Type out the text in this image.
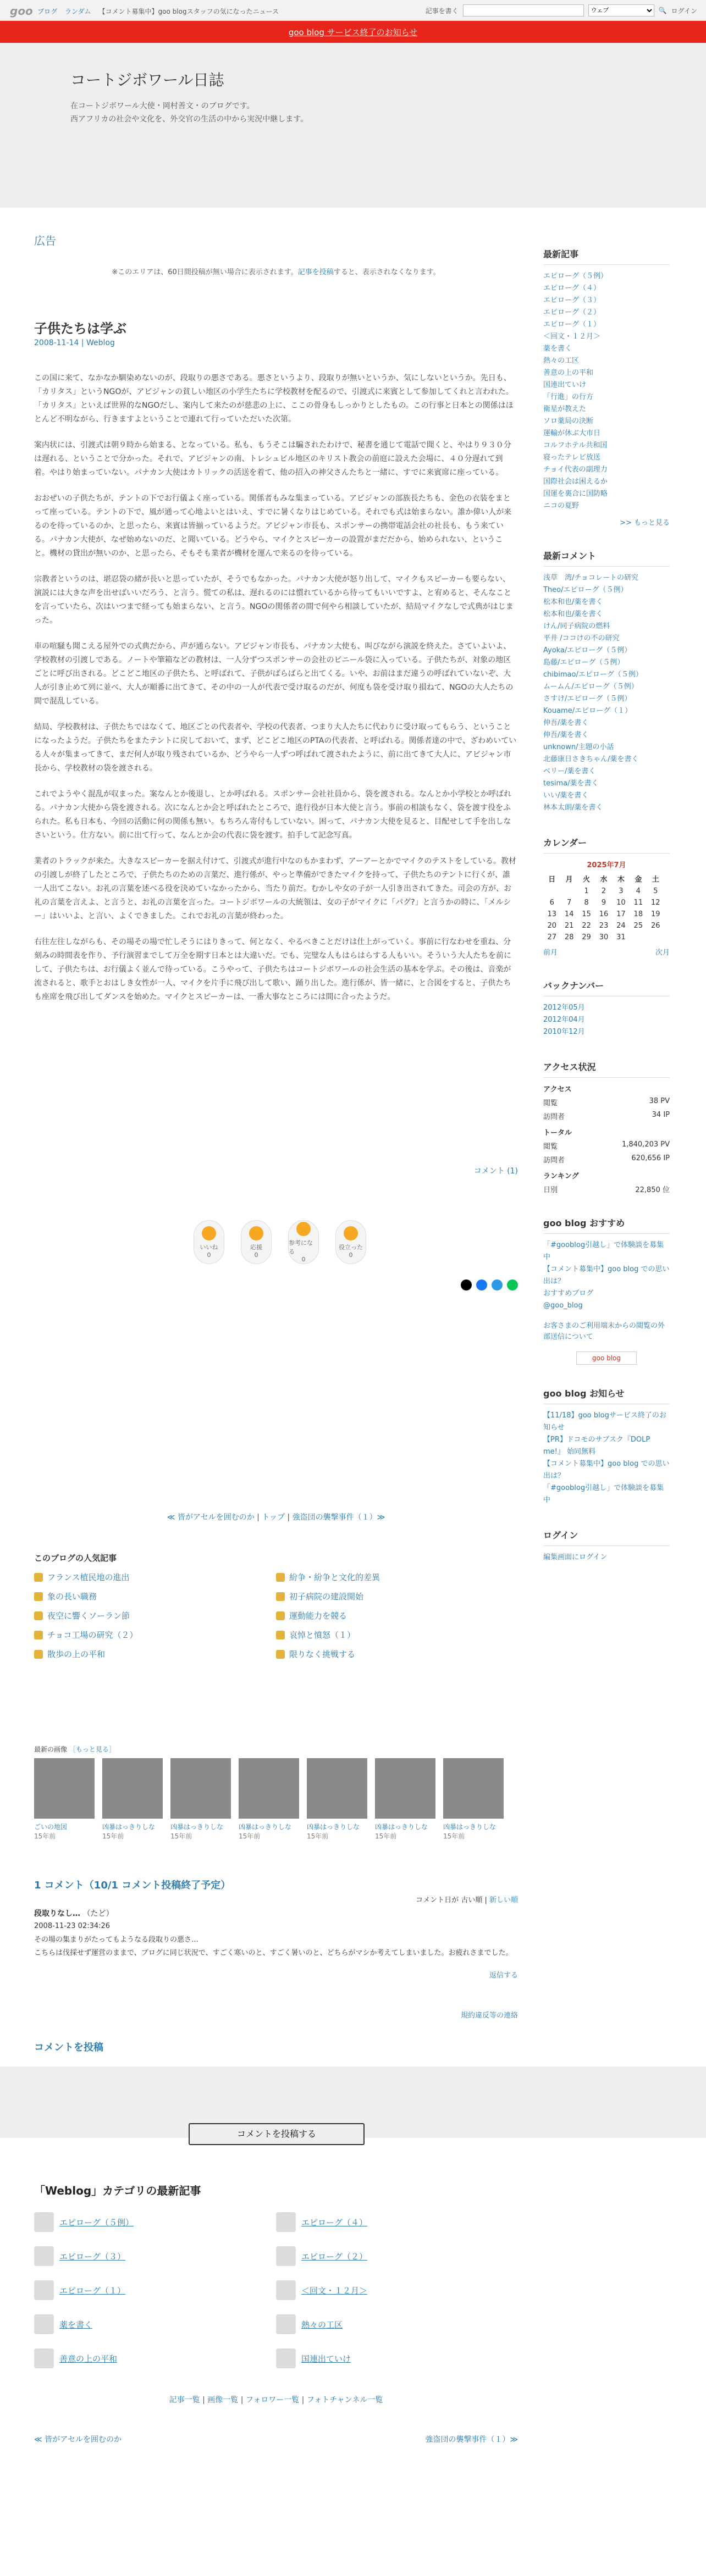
goo ブログ ランダム 【コメント募集中】goo blogスタッフの気になったニュース	記事を書く
ウェブ	🔍 ログイン
goo blog サービス終了のお知らせ
コートジボワール日誌

在コートジボワール大使・岡村善文・のブログです。

西アフリカの社会や文化を、外交官の生活の中から実況中継します。

広告
※このエリアは、60日間投稿が無い場合に表示されます。記事を投稿すると、表示されなくなります。
子供たちは学ぶ
2008-11-14 | Weblog

この国に来て、なかなか馴染めないのが、段取りの悪さである。悪さというより、段取りが無いというか、気にしないというか。先日も、「カリタス」というNGOが、アビジャンの貧しい地区の小学生たちに学校教材を配るので、引渡式に来賓として参加してくれと言われた。「カリタス」といえば世界的なNGOだし、案内して来たのが慈悲の上に、ここの骨身もしっかりとしたもの。この行事と日本との関係はほとんど不明ながら、行きますよということで連れて行っていただいた次第。

案内状には、引渡式は朝９時から始まる、となっている。私も、もうそこは騙されたわけで、秘書を通じて電話で聞くと、やはり９３０分は遅れる、ということで分かった。それで、アビジャンの南、トレシュビル地区のキリスト教会の前庭に設えた会場に、４０分遅れて到着。やはり始まっていない。パナカン大使はカトリックの活送を着て、他の招入の神父さんたちと一緒に、すでに来賓席に座っている。

おおぜいの子供たちが、テントの下でお行儀よく座っている。関係者もみな集まっている。アビジャンの部族長たちも、金色の衣装をまとって座っている。テントの下で、風が通って心地よいとはいえ、すでに暑くなりはじめている。それでも式は始まらない。誰か偉い人が来るのを待っているのか、と思ったら、来賓は皆揃っているようだ。アビジャン市長も、スポンサーの携帯電話会社の社長も、もう来ている。パナカン大使が、なぜ始めないのだ、と聞いている。どうやら、マイクとスピーカーの設置がまだだから、始められない、ということ。機材の貸出が無いのか、と思ったら、そもそも業者が機材を運んで来るのを待っている。

宗教者というのは、堪忍袋の緒が長いと思っていたが、そうでもなかった。パナカン大使が怒り出して、マイクもスピーカーも要らない、演説には大きな声を出せばいいだろう、と言う。慌ての私は、遅れるのには慣れているから待ってもいいですよ、と宥めると、そんなことを言っていたら、次はいつまで経っても始まらない、と言う。NGOの関係者の間で何やら相談していたが、結局マイクなしで式典がはじまった。

車の喧騒も聞こえる屋外での式典だから、声が通らない。アビジャン市長も、パナカン大使も、叫びながら演説を終えた。さていよいよ、学校教材の引渡しである。ノートや筆箱などの教材は、一人分ずつスポンサーの会社のビニール袋に入っている。子供たちが、対象の地区ごとに呼び出される。どこどこ地区の子供たち、と呼ばれて、子供がばらばらと出てくる。いや、お前はまだ違うの呼ばれていないぞ、大人が引き止めて列に並べ、大人が順番に出てきて、その中の一人が代表で受け取るのだが、何度も袋を受け取り損ねて、NGOの大人たちの間で混乱している。

結局、学校教材は、子供たちではなくて、地区ごとの代表者や、学校の代表者、つまり大人たちに代わりに受け取ってもらう、ということになったようだ。子供たちをまたテントに戻しておいて、まず、どこどこ地区のPTAの代表者、と呼ばれる。関係者達の中で、ざわめいている人々が集まってきて、まだ何人が取り残されているか、どうやら一人ずつ呼ばれて渡されたように、前に出てきて大人に、アビジャン市長から、学校教材の袋を渡される。

これでようやく混乱が収まった。案なんとか後退し、とか呼ばれる。スポンサー会社社員から、袋を渡される。なんとか小学校とか呼ばれる。パナカン大使から袋を渡される。次になんとか会と呼ばれたところで、進行役が日本大使と言う。事前の相談もなく、袋を渡す役をふられた。私も日本も、今回の活動に何の関係も無い。もちろん寄付もしていない。困って、パナカン大使を見ると、目配せして手を出しなさいという。仕方ない。前に出て行って、なんとか会の代表に袋を渡す。拍手して記念写真。

業者のトラックが来た。大きなスピーカーを据え付けて、引渡式が進行中なのもかまわず、アーアーとかでマイクのテストをしている。教材の引渡しが終了したところで、子供たちのための言葉だ、進行係が、やっと準備ができたマイクを持って、子供たちのテントに行くが、誰一人出てこない。お礼の言葉を述べる役を決めていなかったから、当たり前だ。むかしや女の子が一人引き出されてきた。司会の方が、お礼の言葉を言えよ、と言うと、お礼の言葉を言った。コートジボワールの大統領は、女の子がマイクに「パグ?」と言うかの時に、「メルシー」はいいよ、と言い、よくできました。これでお礼の言葉が終わった。

右往左往しながらも、その場その場で忙しそうにはりきって、何となく、やるべきことだけは仕上がっていく。事前に行なわせを重ね、分刻みの時間表を作り、予行演習までして万全を期す日本とは大違いだ。でも、完璧な人もはらはらする人もいい。そういう大人たちを前にして、子供たちは、お行儀よく並んで待っている。こうやって、子供たちはコートジボワールの社会生活の基本を学ぶ。その後は、音楽が流されると、歌手とおはしき女性が一人、マイクを片手に飛び出して歌い、踊り出した。進行係が、皆一緒に、と合図をすると、子供たちも座席を飛び出してダンスを始めた。マイクとスピーカーは、一番大事なところには間に合ったようだ。

コメント (1)
いいね
0
応援
0
参考になる
0
役立った
0
≪ 皆がアセルを囲むのか | トップ | 強盗団の襲撃事件（１）≫
このブログの人気記事
フランス植民地の進出	紛争・紛争と文化的差異
象の長い職務	初子病院の建設開始
夜空に響くソーラン節	運動能力を競る
チョコ工場の研究（２）	哀悼と憤怒（１）
散歩の上の平和	限りなく挑戦する
最新の画像 ［もっと見る］
ごいの地図
15年前
凶暴はっきりしな
15年前
凶暴はっきりしな
15年前
凶暴はっきりしな
15年前
凶暴はっきりしな
15年前
凶暴はっきりしな
15年前
凶暴はっきりしな
15年前
1 コメント（10/1 コメント投稿終了予定）
コメント日が 古い順 | 新しい順
段取りなし… （たど）
2008-11-23 02:34:26
その場の集まりがたってもようなる段取りの悪さ…
こちらは伐採せず運営のままで、ブログに同じ状況で、すごく寒いのと、すごく暑いのと、どちらがマシか考えてしまいました。お疲れさまでした。
返信する
規約違反等の連絡
コメントを投稿
コメントを投稿する
「Weblog」カテゴリの最新記事
エピローグ（５例）	エピローグ（４）
エピローグ（３）	エピローグ（２）
エピローグ（１）	＜回文・１２月＞
薬を書く	熱々の工区
善意の上の平和	国連出ていけ
記事一覧 | 画像一覧 | フォロワー一覧 | フォトチャンネル一覧
≪ 皆がアセルを囲むのか	強盗団の襲撃事件（１）≫
最新記事
エピローグ（５例）
エピローグ（４）
エピローグ（３）
エピローグ（２）
エピローグ（１）
＜回文・１２月＞
薬を書く
熱々の工区
善意の上の平和
国連出ていけ
「行進」の行方
衛星が教えた
ソロ薬局の決断
運輸が休ぶ大市日
コルフホテル共和国
寝ったテレビ放送
チョイ代表の副理力
国際社会は困えるか
国運を裏合に国防略
ニコの夏野
>> もっと見る
最新コメント
浅草　湾/チョコレートの研究
Theo/エピローグ（５例）
松本和也/薬を書く
松本和也/薬を書く
けん/同子病院の燃料
平井 /ココけの不の研究
Ayoka/エピローグ（５例）
島藤/エピローグ（５例）
chibimao/エピローグ（５例）
ムームん/エピローグ（５例）
さすけ/エピローグ（５例）
Kouame/エピローグ（１）
伸吾/薬を書く
伸吾/薬を書く
unknown/主題の小話
北藤康日さきちゃん/薬を書く
ベリー/薬を書く
tesima/薬を書く
いい/薬を書く
林本太朗/薬を書く
カレンダー
2025年7月
日	月	火	水	木	金	土
		1	2	3	4	5
6	7	8	9	10	11	12
13	14	15	16	17	18	19
20	21	22	23	24	25	26
27	28	29	30	31		
前月	次月
バックナンバー
2012年05月
2012年04月
2010年12月
アクセス状況
アクセス
閲覧	38 PV
訪問者	34 IP
トータル
閲覧	1,840,203 PV
訪問者	620,656 IP
ランキング
日別	22,850 位
goo blog おすすめ
「#gooblog引越し」で体験談を募集中
【コメント募集中】goo blog での思い出は？
おすすめブログ
@goo_blog
お客さまのご利用端末からの閲覧の外部送信について
goo blog
goo blog お知らせ
【11/18】goo blogサービス終了のお知らせ
【PR】ドコモのサブスク『DOLP me!』 始同無料
【コメント募集中】goo blog での思い出は？
「#gooblog引越し」で体験談を募集中
ログイン
編集画面にログイン
